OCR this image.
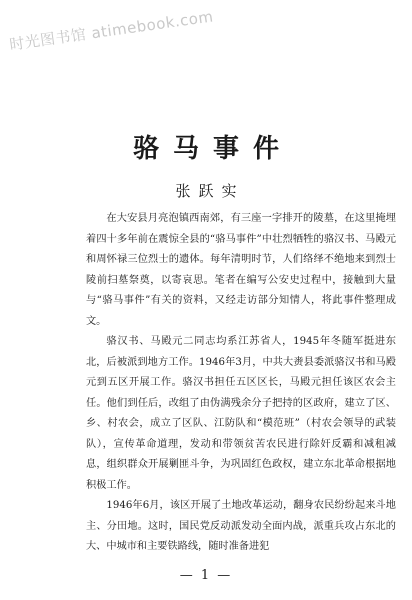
时光图书馆 atimebook.com
骆马事件
张跃实

在大安县月亮泡镇西南郊，有三座一字排开的陵墓，在这里掩埋着四十多年前在震惊全县的“骆马事件”中壮烈牺牲的骆汉书、马殿元和周怀禄三位烈士的遗体。每年清明时节，人们络绎不绝地来到烈士陵前扫墓祭奠，以寄哀思。笔者在编写公安史过程中，接触到大量与“骆马事件”有关的资料，又经走访部分知情人，将此事件整理成文。

骆汉书、马殿元二同志均系江苏省人，1945年冬随军挺进东北，后被派到地方工作。1946年3月，中共大赉县委派骆汉书和马殿元到五区开展工作。骆汉书担任五区区长，马殿元担任该区农会主任。他们到任后，改组了由伪满残余分子把持的区政府，建立了区、乡、村农会，成立了区队、江防队和“模范班”（村农会领导的武装队），宣传革命道理，发动和带领贫苦农民进行除奸反霸和减租减息，组织群众开展剿匪斗争，为巩固红色政权，建立东北革命根据地积极工作。

1946年6月，该区开展了土地改革运动，翻身农民纷纷起来斗地主、分田地。这时，国民党反动派发动全面内战，派重兵攻占东北的大、中城市和主要铁路线，随时准备进犯

— 1 —
